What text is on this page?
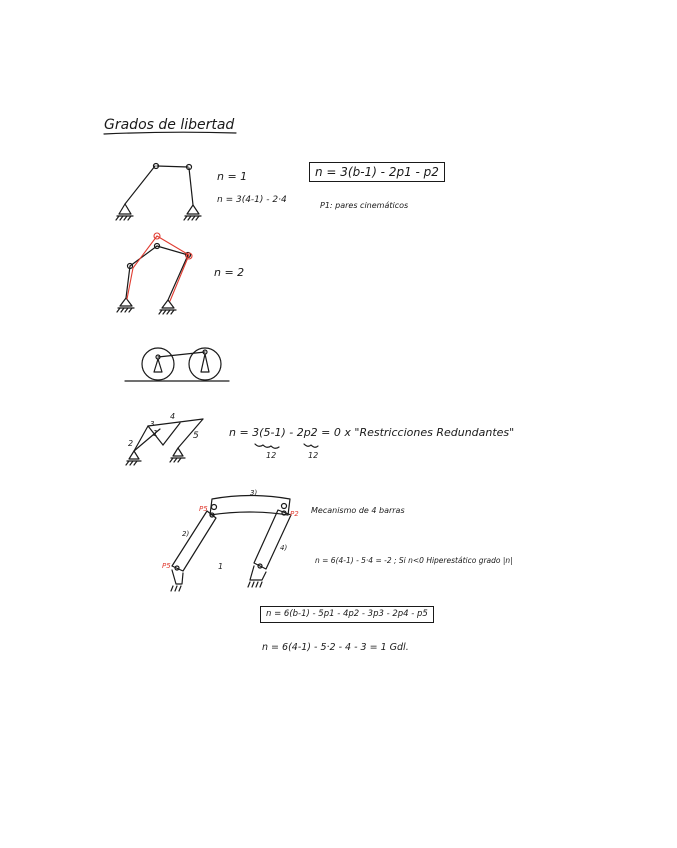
Grados de libertad
n = 1
n = 3(4-1) - 2·4
n = 3(b-1) - 2p1 - p2
P1: pares cinemáticos
n = 2
4
2
1
3
5	n = 3(5-1) - 2p2 = 0 x "Restricciones Redundantes"
12	12
3)
2)
4)
1
P5
P2
P5
Mecanismo de 4 barras
n = 6(4-1) - 5·4 = -2 ; Si n<0 Hiperestático grado |n|
n = 6(b-1) - 5p1 - 4p2 - 3p3 - 2p4 - p5
n = 6(4-1) - 5·2 - 4 - 3 = 1 Gdl.
